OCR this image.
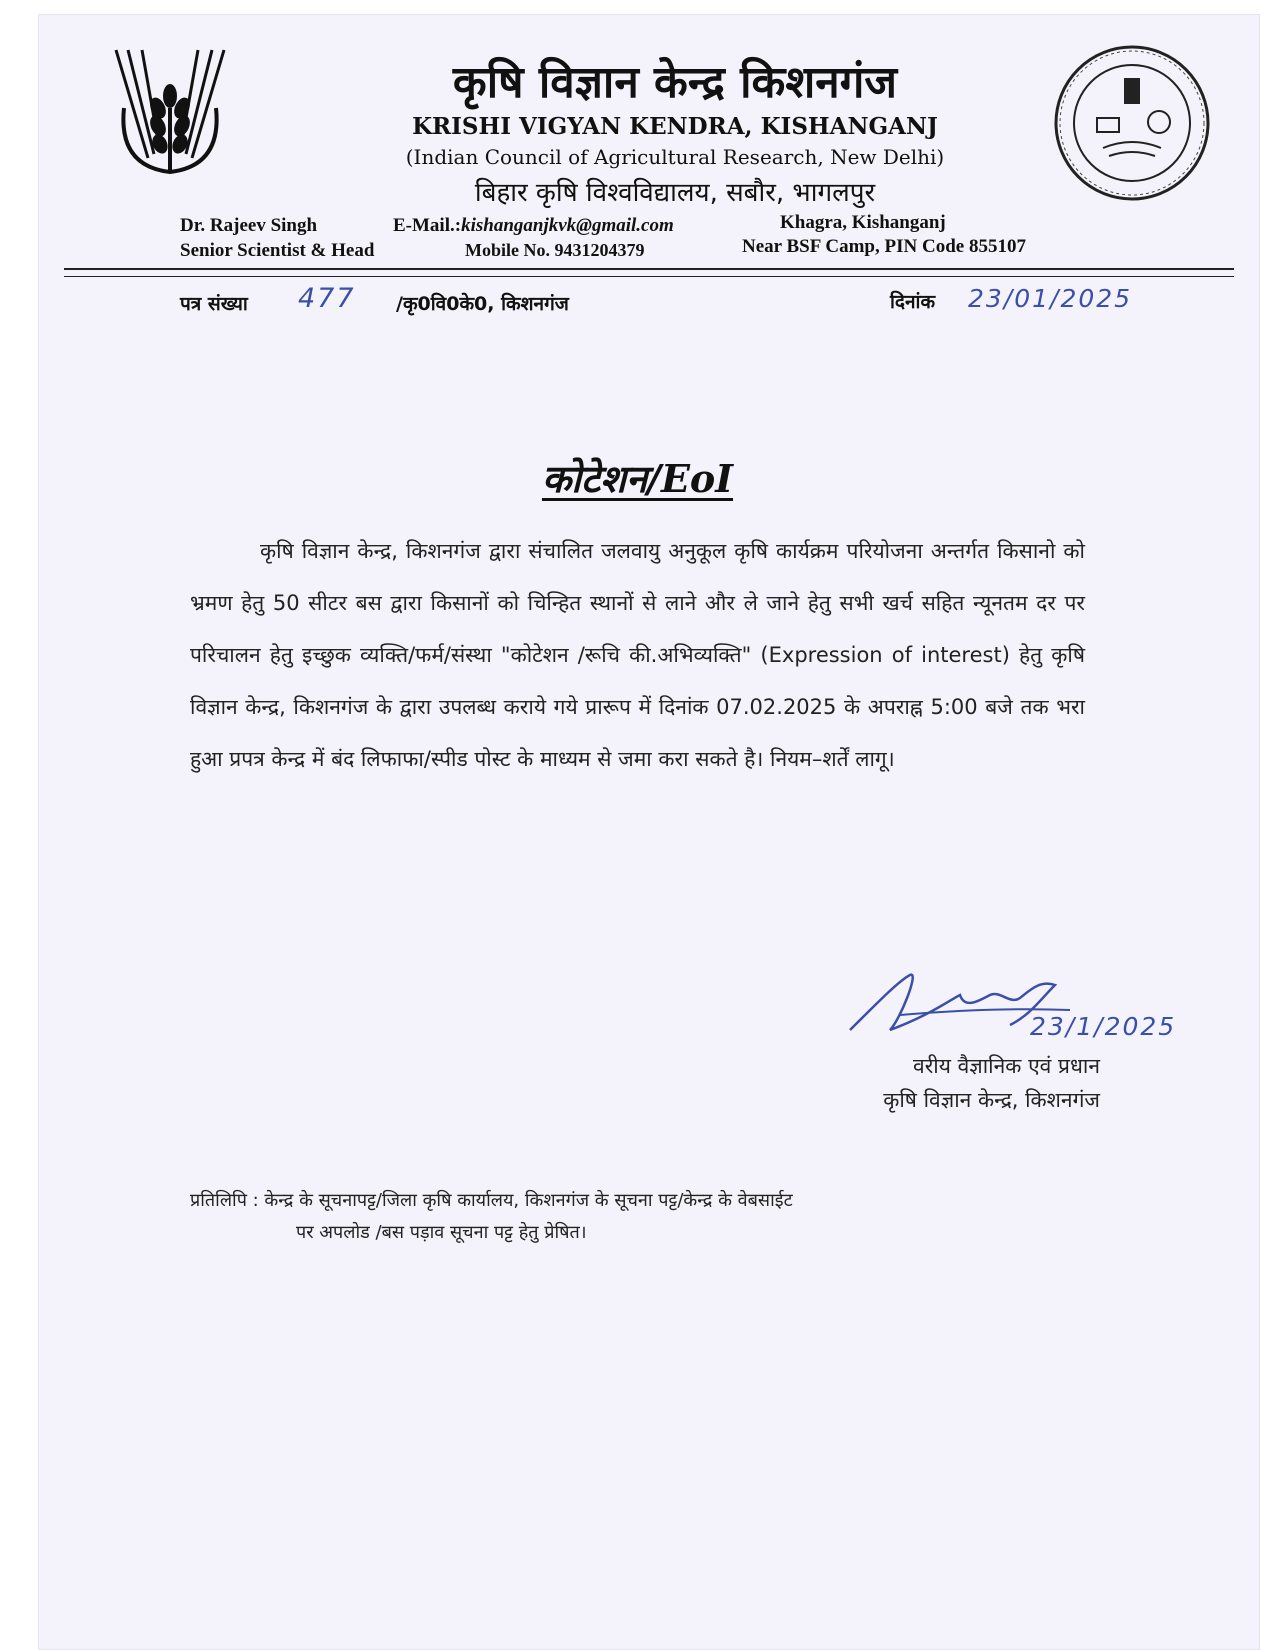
कृषि विज्ञान केन्द्र किशनगंज
KRISHI VIGYAN KENDRA, KISHANGANJ
(Indian Council of Agricultural Research, New Delhi)
बिहार कृषि विश्वविद्यालय, सबौर, भागलपुर
Dr. Rajeev Singh
Senior Scientist & Head
E-Mail.:kishanganjkvk@gmail.com
Mobile No. 9431204379
Khagra, Kishanganj
Near BSF Camp, PIN Code 855107
पत्र संख्या 477 /कृ0वि0के0, किशनगंज	दिनांक 23/01/2025
कोटेशन/EoI
कृषि विज्ञान केन्द्र, किशनगंज द्वारा संचालित जलवायु अनुकूल कृषि कार्यक्रम परियोजना अन्तर्गत किसानो को भ्रमण हेतु 50 सीटर बस द्वारा किसानों को चिन्हित स्थानों से लाने और ले जाने हेतु सभी खर्च सहित न्यूनतम दर पर परिचालन हेतु इच्छुक व्यक्ति/फर्म/संस्था "कोटेशन /रूचि की.अभिव्यक्ति" (Expression of interest) हेतु कृषि विज्ञान केन्द्र, किशनगंज के द्वारा उपलब्ध कराये गये प्रारूप में दिनांक 07.02.2025 के अपराह्न 5:00 बजे तक भरा हुआ प्रपत्र केन्द्र में बंद लिफाफा/स्पीड पोस्ट के माध्यम से जमा करा सकते है। नियम–शर्तें लागू।
23/1/2025
वरीय वैज्ञानिक एवं प्रधान
कृषि विज्ञान केन्द्र, किशनगंज
प्रतिलिपि : केन्द्र के सूचनापट्ट/जिला कृषि कार्यालय, किशनगंज के सूचना पट्ट/केन्द्र के वेबसाईट
पर अपलोड /बस पड़ाव सूचना पट्ट हेतु प्रेषित।
